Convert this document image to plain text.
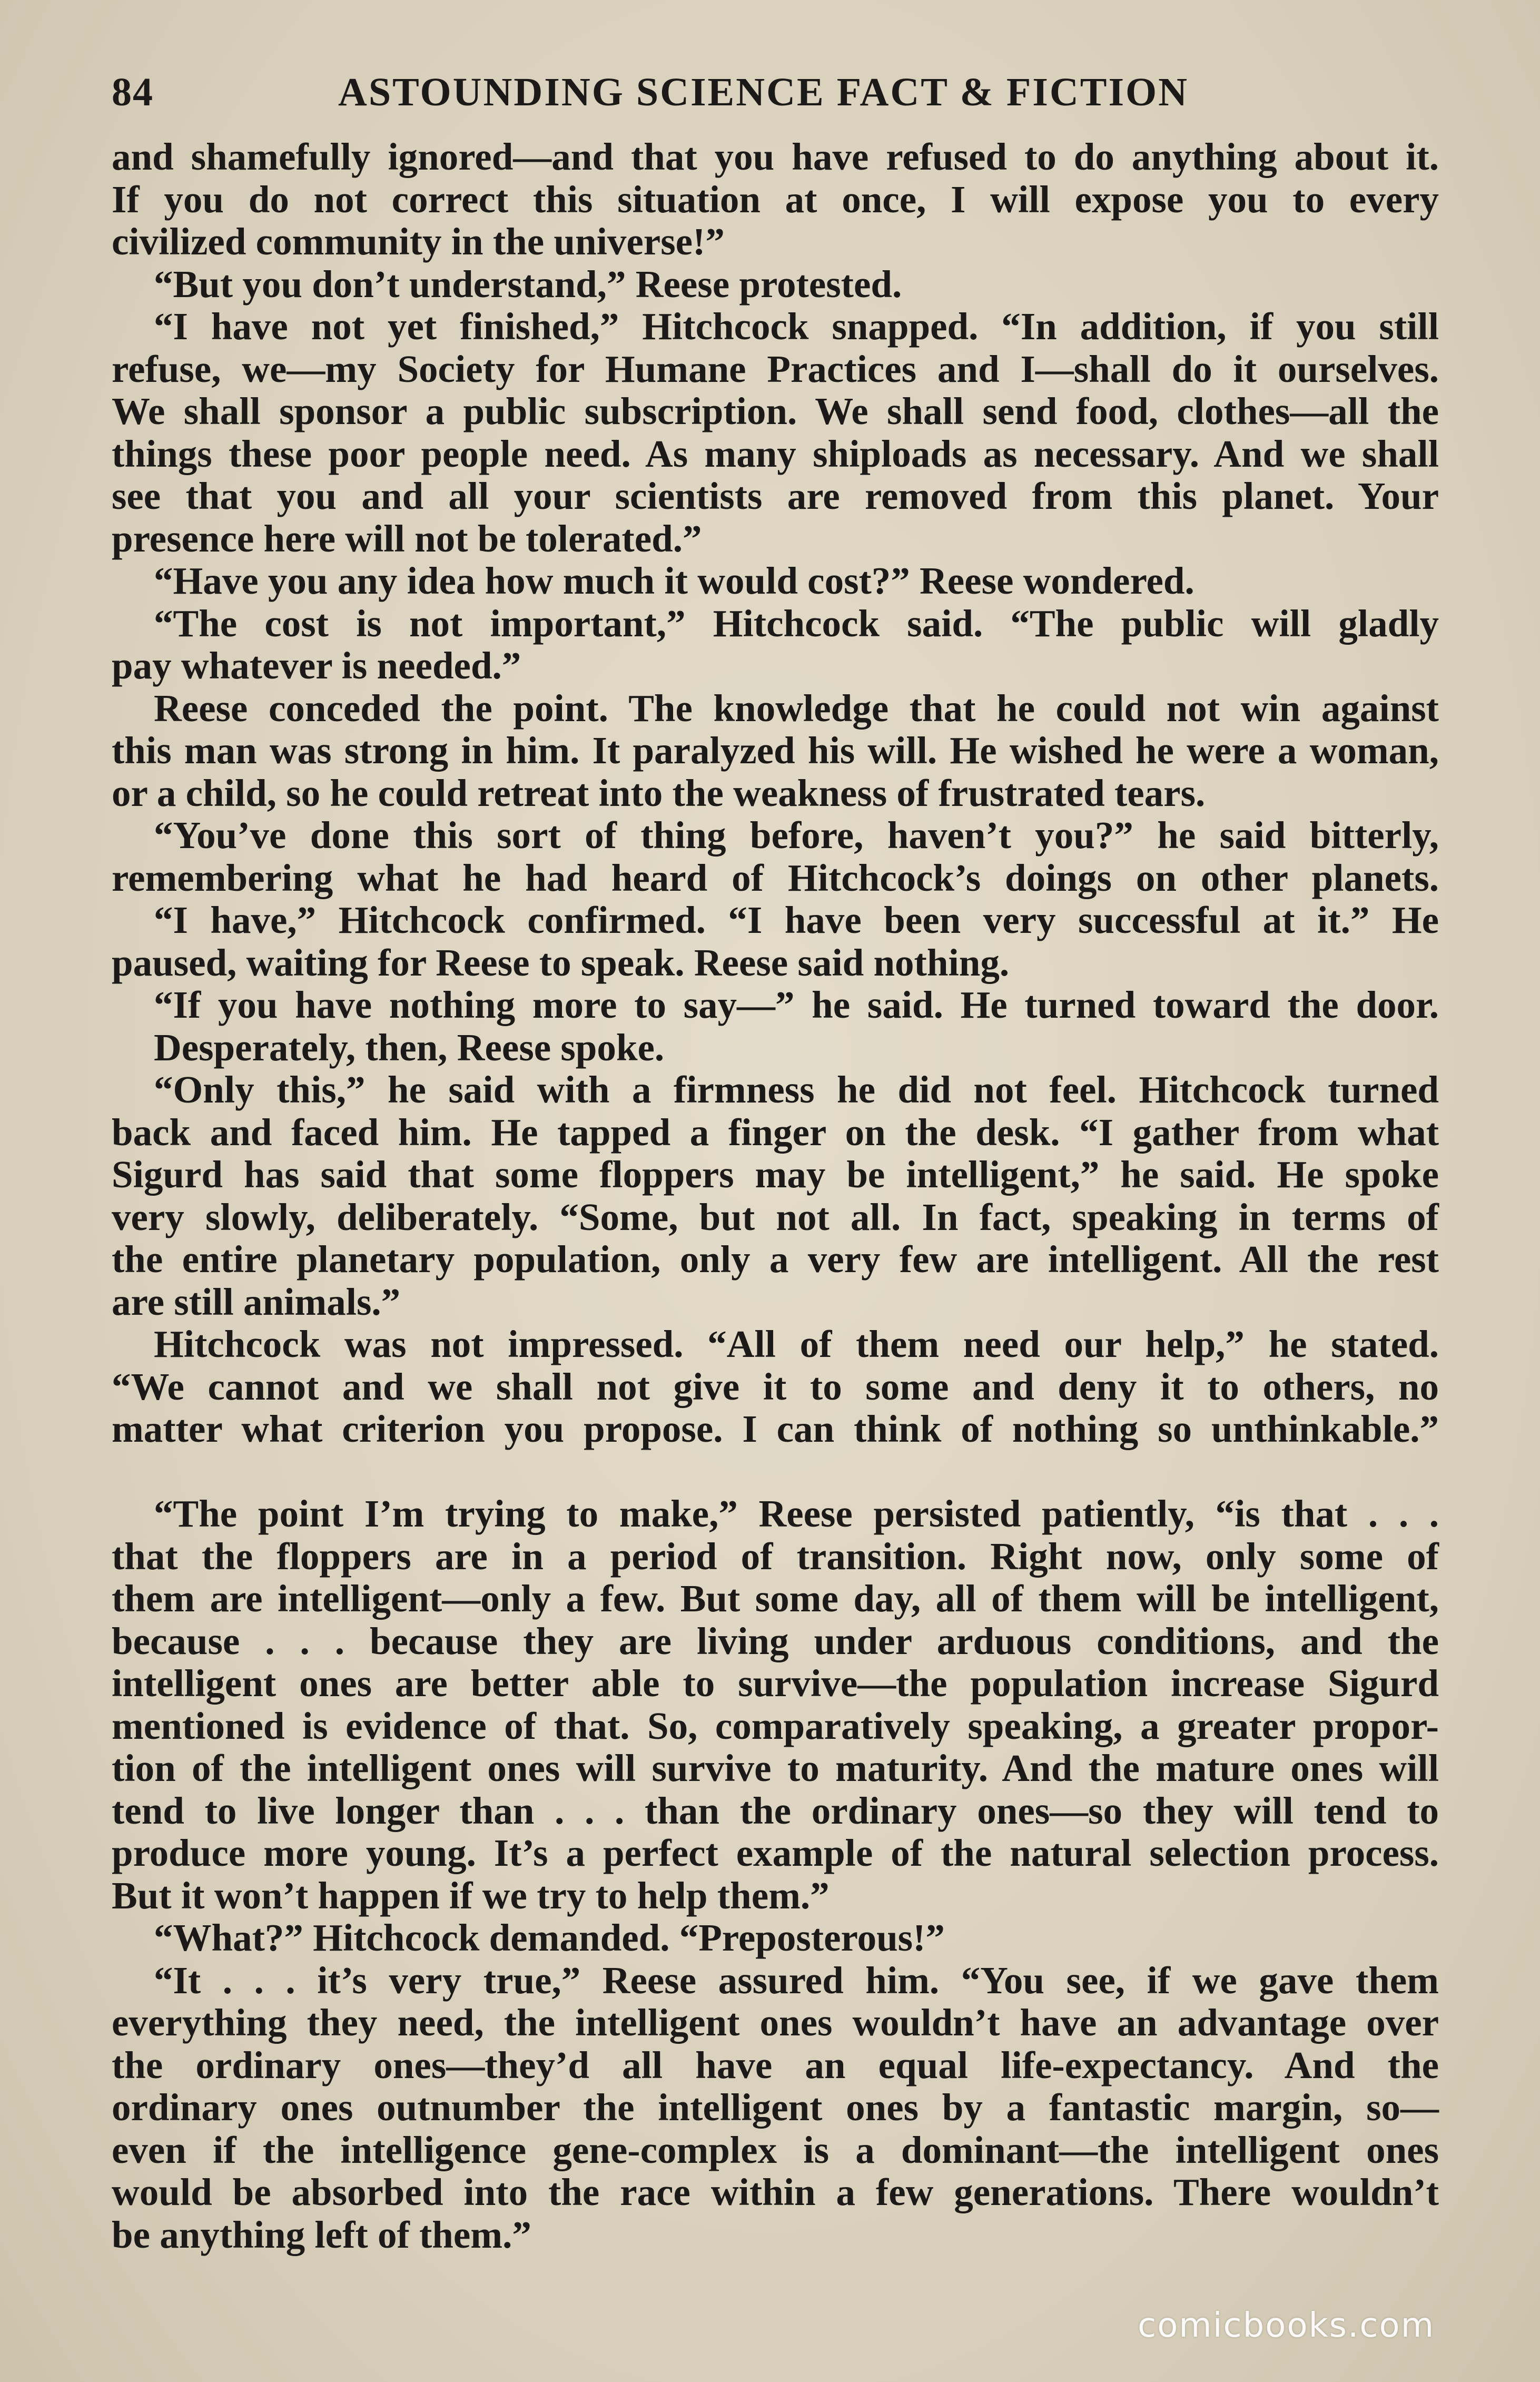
84	ASTOUNDING SCIENCE FACT & FICTION
and shamefully ignored—and that you have refused to do anything about it.
If you do not correct this situation at once, I will expose you to every
civilized community in the universe!”
“But you don’t understand,” Reese protested.
“I have not yet finished,” Hitchcock snapped. “In addition, if you still
refuse, we—my Society for Humane Practices and I—shall do it ourselves.
We shall sponsor a public subscription. We shall send food, clothes—all the
things these poor people need. As many shiploads as necessary. And we shall
see that you and all your scientists are removed from this planet. Your
presence here will not be tolerated.”
“Have you any idea how much it would cost?” Reese wondered.
“The cost is not important,” Hitchcock said. “The public will gladly
pay whatever is needed.”
Reese conceded the point. The knowledge that he could not win against
this man was strong in him. It paralyzed his will. He wished he were a woman,
or a child, so he could retreat into the weakness of frustrated tears.
“You’ve done this sort of thing before, haven’t you?” he said bitterly,
remembering what he had heard of Hitchcock’s doings on other planets.
“I have,” Hitchcock confirmed. “I have been very successful at it.” He
paused, waiting for Reese to speak. Reese said nothing.
“If you have nothing more to say—” he said. He turned toward the door.
Desperately, then, Reese spoke.
“Only this,” he said with a firmness he did not feel. Hitchcock turned
back and faced him. He tapped a finger on the desk. “I gather from what
Sigurd has said that some floppers may be intelligent,” he said. He spoke
very slowly, deliberately. “Some, but not all. In fact, speaking in terms of
the entire planetary population, only a very few are intelligent. All the rest
are still animals.”
Hitchcock was not impressed. “All of them need our help,” he stated.
“We cannot and we shall not give it to some and deny it to others, no
matter what criterion you propose. I can think of nothing so unthinkable.”
“The point I’m trying to make,” Reese persisted patiently, “is that . . .
that the floppers are in a period of transition. Right now, only some of
them are intelligent—only a few. But some day, all of them will be intelligent,
because . . . because they are living under arduous conditions, and the
intelligent ones are better able to survive—the population increase Sigurd
mentioned is evidence of that. So, comparatively speaking, a greater propor-
tion of the intelligent ones will survive to maturity. And the mature ones will
tend to live longer than . . . than the ordinary ones—so they will tend to
produce more young. It’s a perfect example of the natural selection process.
But it won’t happen if we try to help them.”
“What?” Hitchcock demanded. “Preposterous!”
“It . . . it’s very true,” Reese assured him. “You see, if we gave them
everything they need, the intelligent ones wouldn’t have an advantage over
the ordinary ones—they’d all have an equal life-expectancy. And the
ordinary ones outnumber the intelligent ones by a fantastic margin, so—
even if the intelligence gene-complex is a dominant—the intelligent ones
would be absorbed into the race within a few generations. There wouldn’t
be anything left of them.”
comicbooks.com
